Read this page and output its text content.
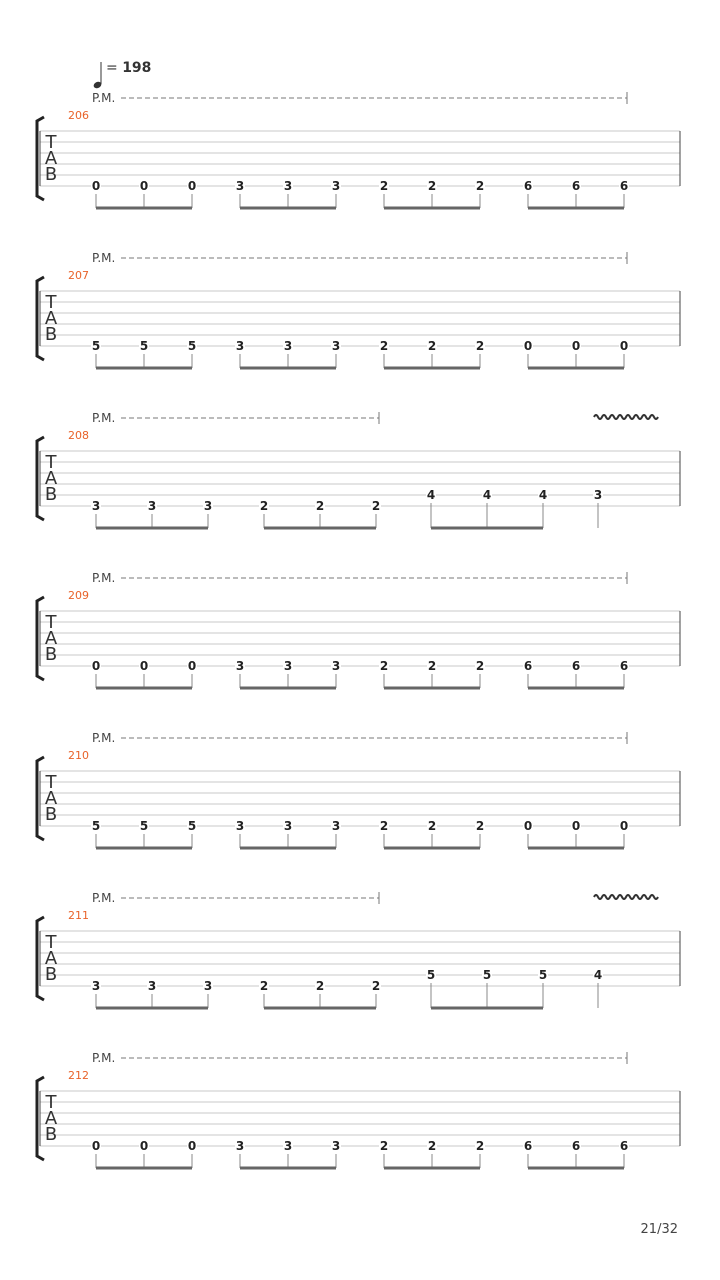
= 198
P.M.
206
T
A
B
0	0	0	3	3	3	2	2	2	6	6	6
P.M.
207
T
A
B
5	5	5	3	3	3	2	2	2	0	0	0
P.M.
208
T
A
B
3	3	3	2	2	2
4	4	4	3
P.M.
209
T
A
B
0	0	0	3	3	3	2	2	2	6	6	6
P.M.
210
T
A
B
5	5	5	3	3	3	2	2	2	0	0	0
P.M.
211
T
A
B
3	3	3	2	2	2
5	5	5	4
P.M.
212
T
A
B
0	0	0	3	3	3	2	2	2	6	6	6
21/32
